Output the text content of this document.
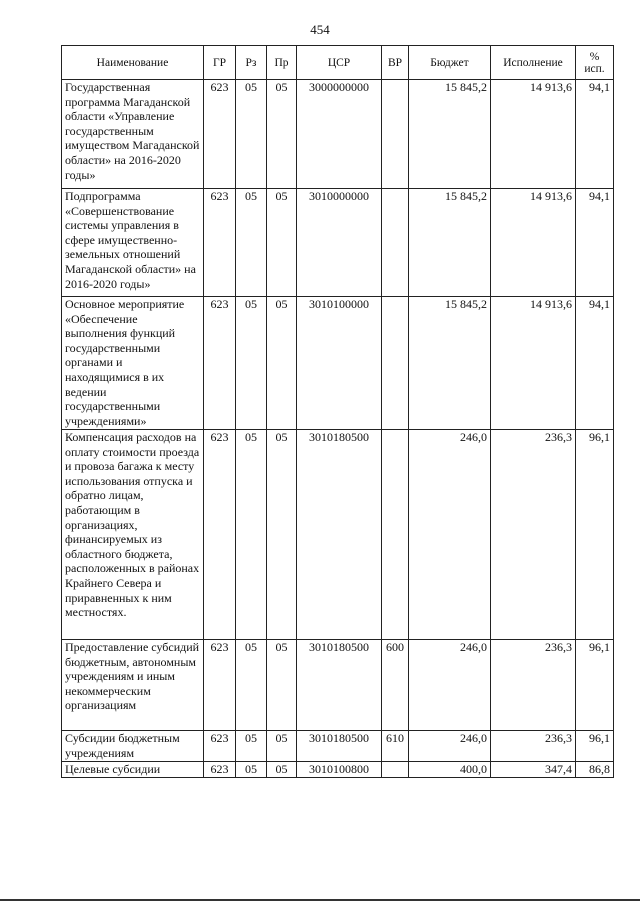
454
Наименование	ГР	Рз	Пр	ЦСР	ВР	Бюджет	Исполнение	%
исп.
Государственная программа Магаданской области «Управление государственным имуществом Магаданской области» на 2016-2020 годы»	623	05	05	3000000000		15 845,2	14 913,6	94,1
Подпрограмма «Совершенствование системы управления в сфере имущественно-земельных отношений Магаданской области» на 2016-2020 годы»	623	05	05	3010000000		15 845,2	14 913,6	94,1
Основное мероприятие «Обеспечение выполнения функций государственными органами и находящимися в их ведении государственными учреждениями»	623	05	05	3010100000		15 845,2	14 913,6	94,1
Компенсация расходов на оплату стоимости проезда и провоза багажа к месту использования отпуска и обратно лицам, работающим в организациях, финансируемых из областного бюджета, расположенных в районах Крайнего Севера и приравненных к ним местностях.	623	05	05	3010180500		246,0	236,3	96,1
Предоставление субсидий бюджетным, автономным учреждениям и иным некоммерческим организациям	623	05	05	3010180500	600	246,0	236,3	96,1
Субсидии бюджетным учреждениям	623	05	05	3010180500	610	246,0	236,3	96,1
Целевые субсидии	623	05	05	3010100800		400,0	347,4	86,8
